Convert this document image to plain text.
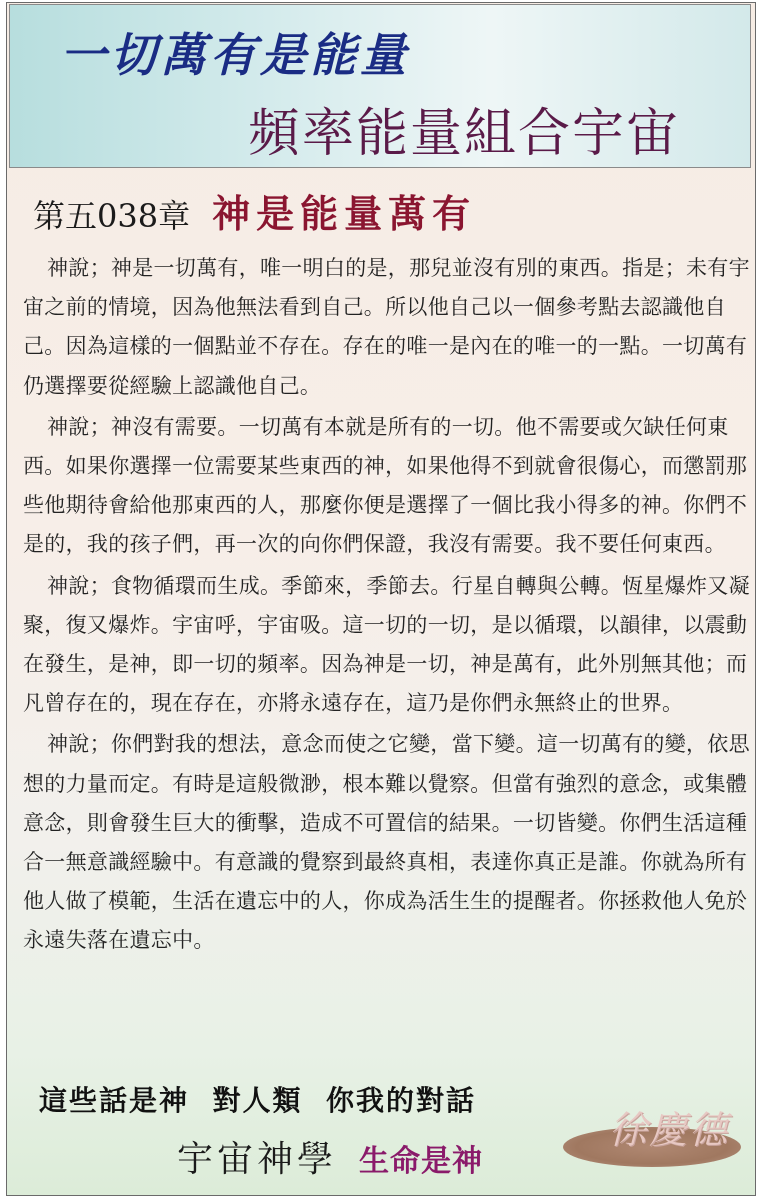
一切萬有是能量
頻率能量組合宇宙
第五038章 神是能量萬有

神說；神是一切萬有，唯一明白的是，那兒並沒有別的東西。指是；未有宇宙之前的情境，因為他無法看到自己。所以他自己以一個參考點去認識他自己。因為這樣的一個點並不存在。存在的唯一是內在的唯一的一點。一切萬有仍選擇要從經驗上認識他自己。

神說；神沒有需要。一切萬有本就是所有的一切。他不需要或欠缺任何東西。如果你選擇一位需要某些東西的神，如果他得不到就會很傷心，而懲罰那些他期待會給他那東西的人，那麼你便是選擇了一個比我小得多的神。你們不是的，我的孩子們，再一次的向你們保證，我沒有需要。我不要任何東西。

神說；食物循環而生成。季節來，季節去。行星自轉與公轉。恆星爆炸又凝聚，復又爆炸。宇宙呼，宇宙吸。這一切的一切，是以循環，以韻律，以震動在發生，是神，即一切的頻率。因為神是一切，神是萬有，此外別無其他；而凡曾存在的，現在存在，亦將永遠存在，這乃是你們永無終止的世界。

神說；你們對我的想法，意念而使之它變，當下變。這一切萬有的變，依思想的力量而定。有時是這般微渺，根本難以覺察。但當有強烈的意念，或集體意念，則會發生巨大的衝擊，造成不可置信的結果。一切皆變。你們生活這種合一無意識經驗中。有意識的覺察到最終真相，表達你真正是誰。你就為所有他人做了模範，生活在遺忘中的人，你成為活生生的提醒者。你拯救他人免於永遠失落在遺忘中。

這些話是神  對人類  你我的對話
宇宙神學 生命是神
徐慶德
